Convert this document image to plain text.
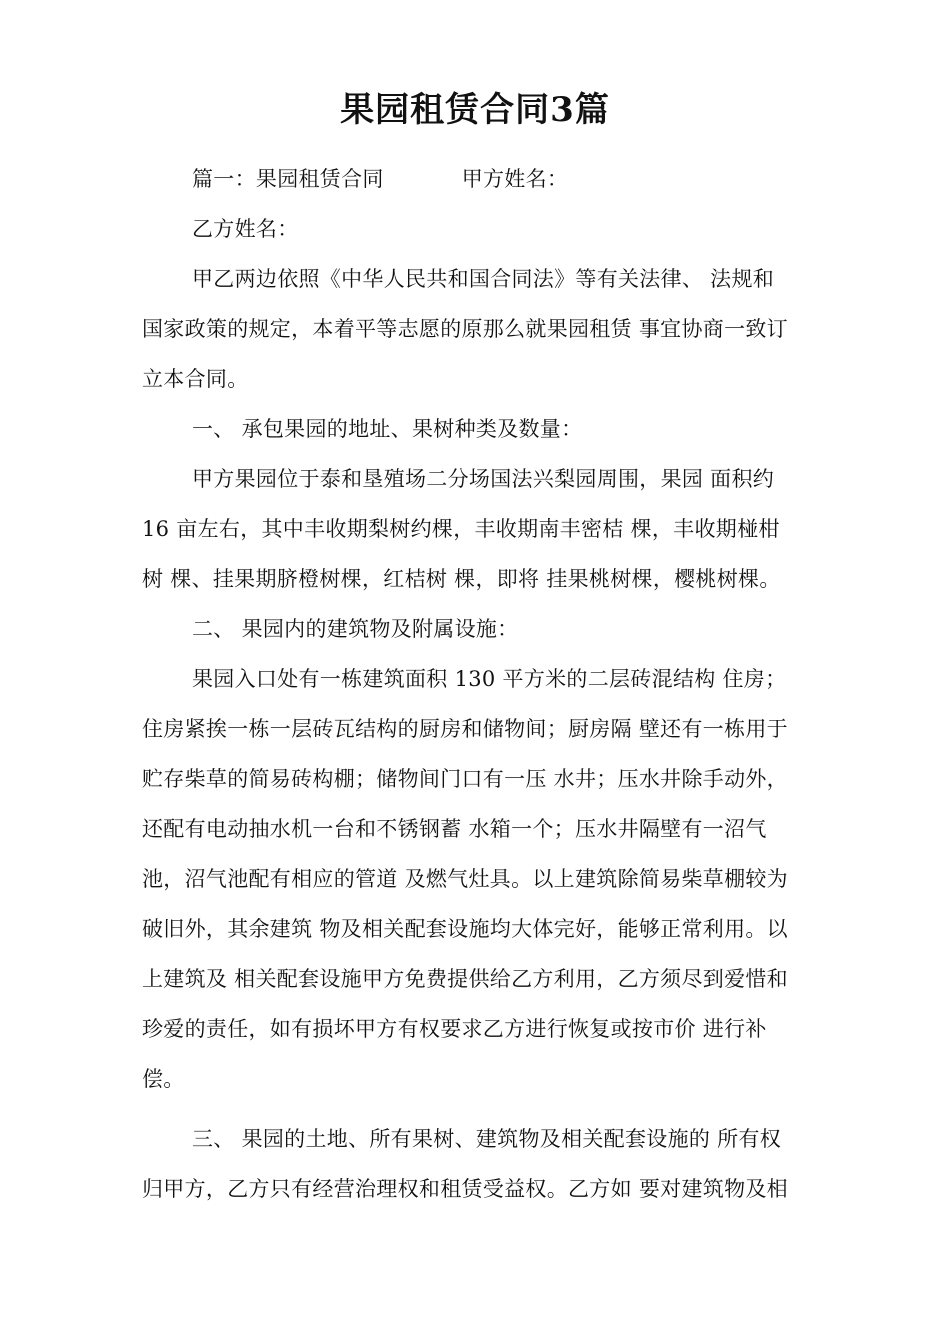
果园租赁合同3篇
篇一：果园租赁合同	甲方姓名：
乙方姓名：
甲乙两边依照《中华人民共和国合同法》等有关法律、 法规和
国家政策的规定，本着平等志愿的原那么就果园租赁 事宜协商一致订
立本合同。
一、 承包果园的地址、果树种类及数量：
甲方果园位于泰和垦殖场二分场国法兴梨园周围，果园 面积约
16 亩左右，其中丰收期梨树约棵，丰收期南丰密桔 棵，丰收期椪柑
树 棵、挂果期脐橙树棵，红桔树 棵，即将 挂果桃树棵，樱桃树棵。
二、 果园内的建筑物及附属设施：
果园入口处有一栋建筑面积 130 平方米的二层砖混结构 住房；
住房紧挨一栋一层砖瓦结构的厨房和储物间；厨房隔 壁还有一栋用于
贮存柴草的简易砖构棚；储物间门口有一压 水井；压水井除手动外，
还配有电动抽水机一台和不锈钢蓄 水箱一个；压水井隔壁有一沼气
池，沼气池配有相应的管道 及燃气灶具。以上建筑除简易柴草棚较为
破旧外，其余建筑 物及相关配套设施均大体完好，能够正常利用。以
上建筑及 相关配套设施甲方免费提供给乙方利用，乙方须尽到爱惜和
珍爱的责任，如有损坏甲方有权要求乙方进行恢复或按市价 进行补
偿。
三、 果园的土地、所有果树、建筑物及相关配套设施的 所有权
归甲方，乙方只有经营治理权和租赁受益权。乙方如 要对建筑物及相
